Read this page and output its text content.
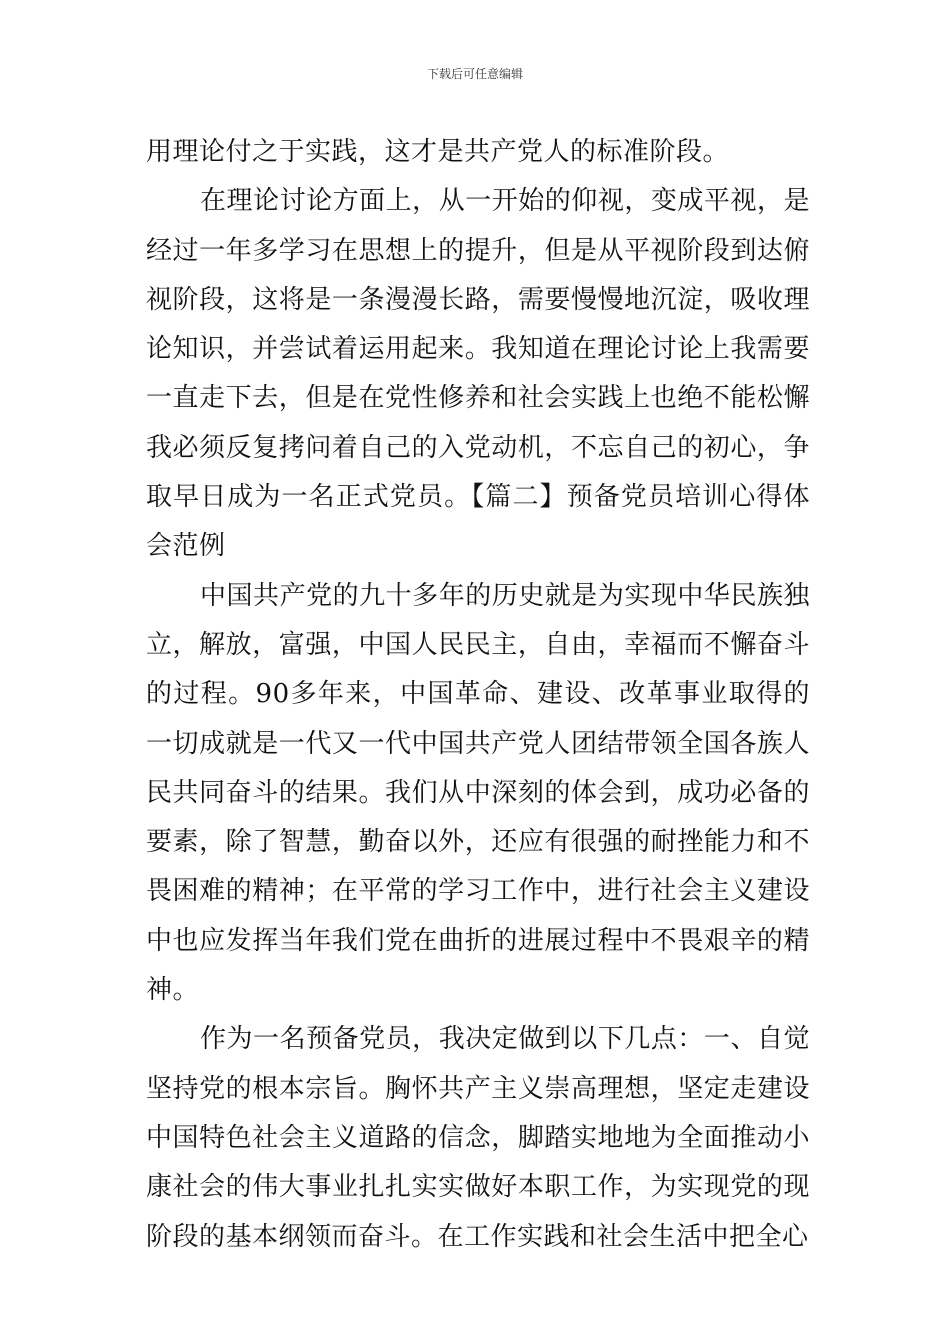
下载后可任意编辑

用理论付之于实践，这才是共产党人的标准阶段。

在理论讨论方面上，从一开始的仰视，变成平视，是经过一年多学习在思想上的提升，但是从平视阶段到达俯视阶段，这将是一条漫漫长路，需要慢慢地沉淀，吸收理论知识，并尝试着运用起来。我知道在理论讨论上我需要一直走下去，但是在党性修养和社会实践上也绝不能松懈我必须反复拷问着自己的入党动机，不忘自己的初心，争取早日成为一名正式党员。【篇二】预备党员培训心得体会范例

中国共产党的九十多年的历史就是为实现中华民族独立，解放，富强，中国人民民主，自由，幸福而不懈奋斗的过程。90多年来，中国革命、建设、改革事业取得的一切成就是一代又一代中国共产党人团结带领全国各族人民共同奋斗的结果。我们从中深刻的体会到，成功必备的要素，除了智慧，勤奋以外，还应有很强的耐挫能力和不畏困难的精神；在平常的学习工作中，进行社会主义建设中也应发挥当年我们党在曲折的进展过程中不畏艰辛的精神。

作为一名预备党员，我决定做到以下几点：一、自觉坚持党的根本宗旨。胸怀共产主义崇高理想，坚定走建设中国特色社会主义道路的信念，脚踏实地地为全面推动小康社会的伟大事业扎扎实实做好本职工作，为实现党的现阶段的基本纲领而奋斗。在工作实践和社会生活中把全心
